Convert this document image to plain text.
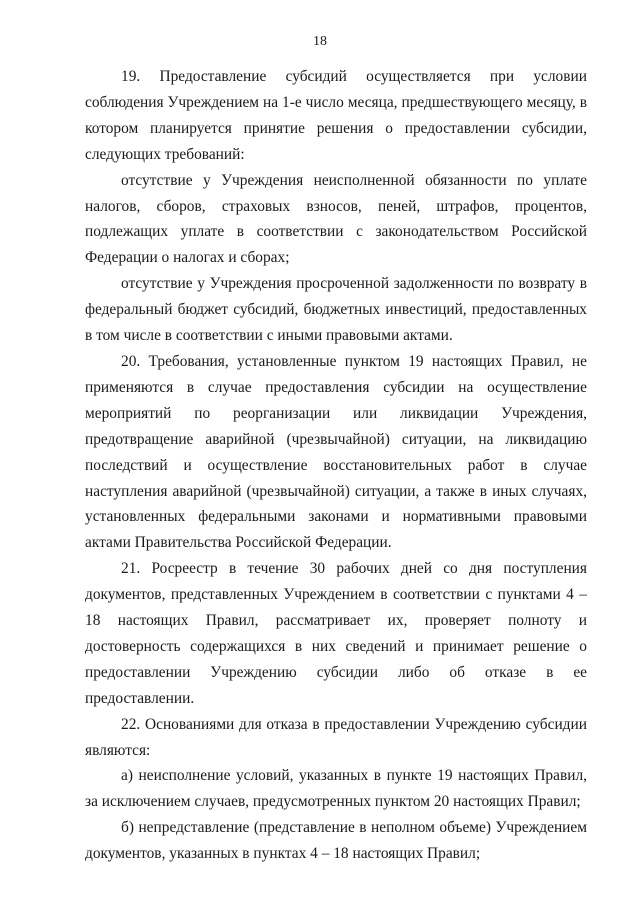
18

19. Предоставление субсидий осуществляется при условии соблюдения Учреждением на 1-е число месяца, предшествующего месяцу, в котором планируется принятие решения о предоставлении субсидии, следующих требований:

отсутствие у Учреждения неисполненной обязанности по уплате налогов, сборов, страховых взносов, пеней, штрафов, процентов, подлежащих уплате в соответствии с законодательством Российской Федерации о налогах и сборах;

отсутствие у Учреждения просроченной задолженности по возврату в федеральный бюджет субсидий, бюджетных инвестиций, предоставленных в том числе в соответствии с иными правовыми актами.

20. Требования, установленные пунктом 19 настоящих Правил, не применяются в случае предоставления субсидии на осуществление мероприятий по реорганизации или ликвидации Учреждения, предотвращение аварийной (чрезвычайной) ситуации, на ликвидацию последствий и осуществление восстановительных работ в случае наступления аварийной (чрезвычайной) ситуации, а также в иных случаях, установленных федеральными законами и нормативными правовыми актами Правительства Российской Федерации.

21. Росреестр в течение 30 рабочих дней со дня поступления документов, представленных Учреждением в соответствии с пунктами 4 – 18 настоящих Правил, рассматривает их, проверяет полноту и достоверность содержащихся в них сведений и принимает решение о предоставлении Учреждению субсидии либо об отказе в ее предоставлении.

22. Основаниями для отказа в предоставлении Учреждению субсидии являются:

а) неисполнение условий, указанных в пункте 19 настоящих Правил, за исключением случаев, предусмотренных пунктом 20 настоящих Правил;

б) непредставление (представление в неполном объеме) Учреждением документов, указанных в пунктах 4 – 18 настоящих Правил;
